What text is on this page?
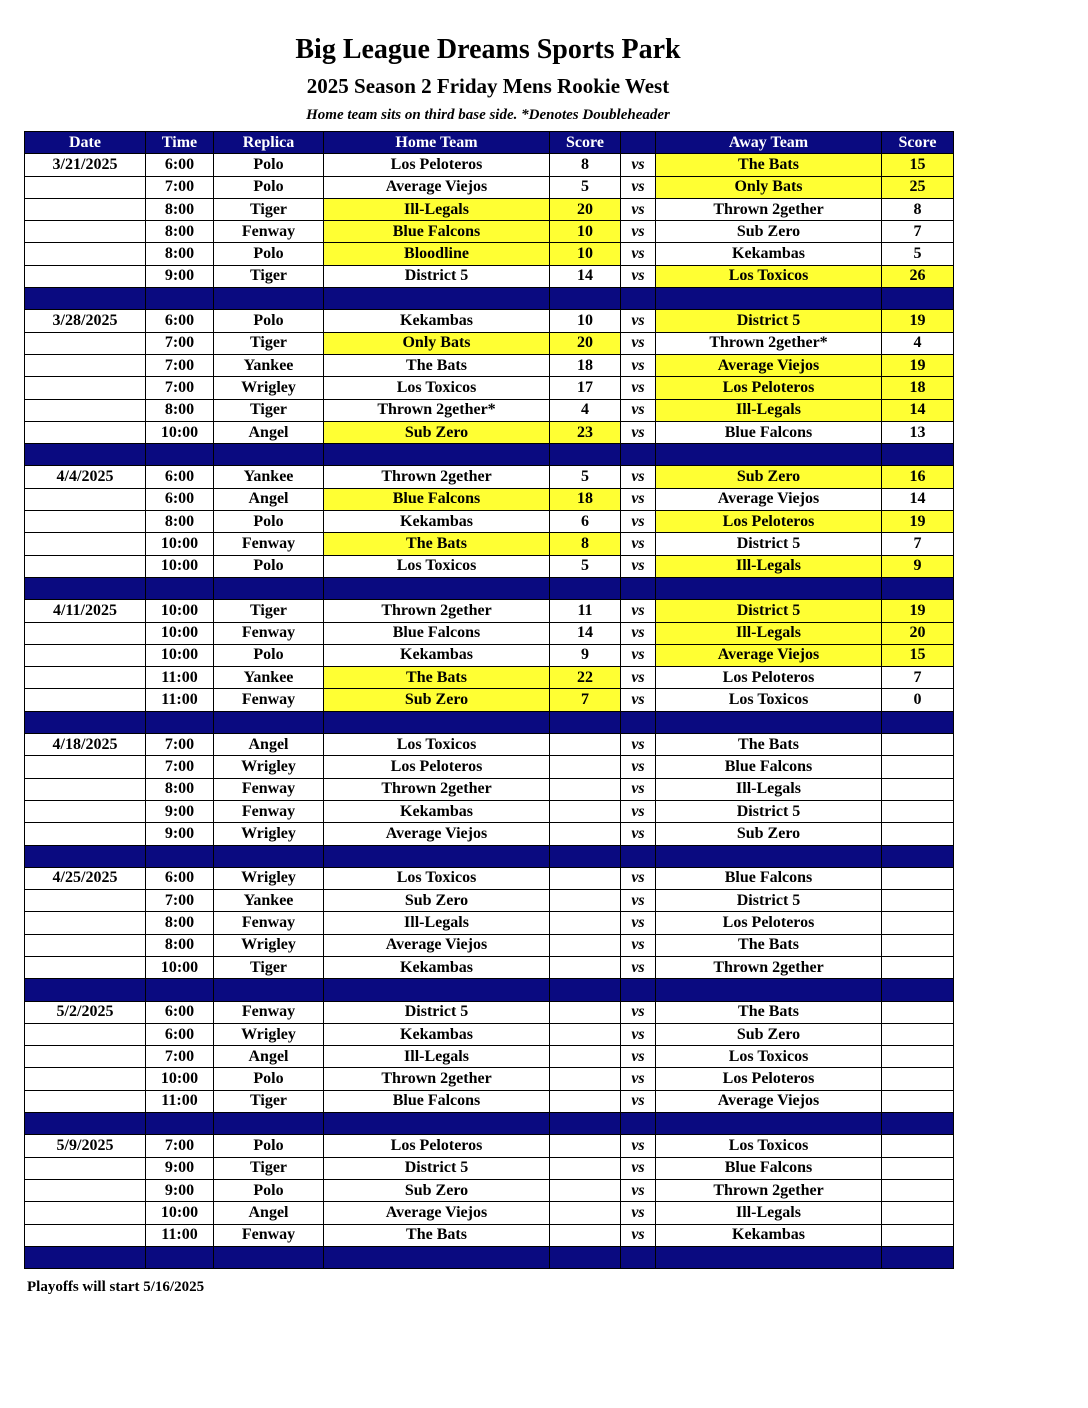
Big League Dreams Sports Park
2025 Season 2 Friday Mens Rookie West
Home team sits on third base side. *Denotes Doubleheader
Date	Time	Replica	Home Team	Score		Away Team	Score
3/21/2025	6:00	Polo	Los Peloteros	8	vs	The Bats	15
	7:00	Polo	Average Viejos	5	vs	Only Bats	25
	8:00	Tiger	Ill-Legals	20	vs	Thrown 2gether	8
	8:00	Fenway	Blue Falcons	10	vs	Sub Zero	7
	8:00	Polo	Bloodline	10	vs	Kekambas	5
	9:00	Tiger	District 5	14	vs	Los Toxicos	26

3/28/2025	6:00	Polo	Kekambas	10	vs	District 5	19
	7:00	Tiger	Only Bats	20	vs	Thrown 2gether*	4
	7:00	Yankee	The Bats	18	vs	Average Viejos	19
	7:00	Wrigley	Los Toxicos	17	vs	Los Peloteros	18
	8:00	Tiger	Thrown 2gether*	4	vs	Ill-Legals	14
	10:00	Angel	Sub Zero	23	vs	Blue Falcons	13

4/4/2025	6:00	Yankee	Thrown 2gether	5	vs	Sub Zero	16
	6:00	Angel	Blue Falcons	18	vs	Average Viejos	14
	8:00	Polo	Kekambas	6	vs	Los Peloteros	19
	10:00	Fenway	The Bats	8	vs	District 5	7
	10:00	Polo	Los Toxicos	5	vs	Ill-Legals	9

4/11/2025	10:00	Tiger	Thrown 2gether	11	vs	District 5	19
	10:00	Fenway	Blue Falcons	14	vs	Ill-Legals	20
	10:00	Polo	Kekambas	9	vs	Average Viejos	15
	11:00	Yankee	The Bats	22	vs	Los Peloteros	7
	11:00	Fenway	Sub Zero	7	vs	Los Toxicos	0

4/18/2025	7:00	Angel	Los Toxicos		vs	The Bats	
	7:00	Wrigley	Los Peloteros		vs	Blue Falcons	
	8:00	Fenway	Thrown 2gether		vs	Ill-Legals	
	9:00	Fenway	Kekambas		vs	District 5	
	9:00	Wrigley	Average Viejos		vs	Sub Zero	

4/25/2025	6:00	Wrigley	Los Toxicos		vs	Blue Falcons	
	7:00	Yankee	Sub Zero		vs	District 5	
	8:00	Fenway	Ill-Legals		vs	Los Peloteros	
	8:00	Wrigley	Average Viejos		vs	The Bats	
	10:00	Tiger	Kekambas		vs	Thrown 2gether	

5/2/2025	6:00	Fenway	District 5		vs	The Bats	
	6:00	Wrigley	Kekambas		vs	Sub Zero	
	7:00	Angel	Ill-Legals		vs	Los Toxicos	
	10:00	Polo	Thrown 2gether		vs	Los Peloteros	
	11:00	Tiger	Blue Falcons		vs	Average Viejos	

5/9/2025	7:00	Polo	Los Peloteros		vs	Los Toxicos	
	9:00	Tiger	District 5		vs	Blue Falcons	
	9:00	Polo	Sub Zero		vs	Thrown 2gether	
	10:00	Angel	Average Viejos		vs	Ill-Legals	
	11:00	Fenway	The Bats		vs	Kekambas	

Playoffs will start 5/16/2025
